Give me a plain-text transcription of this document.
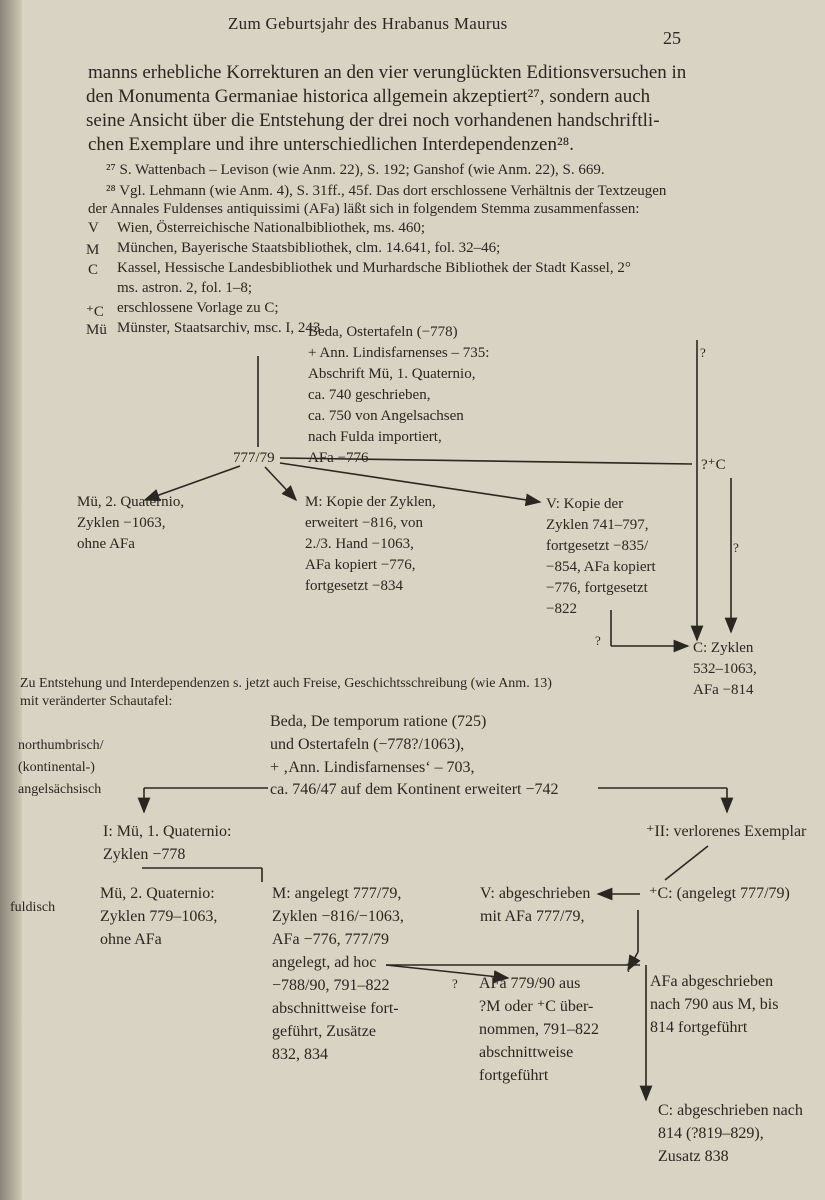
Zum Geburtsjahr des Hrabanus Maurus
25
manns erhebliche Korrekturen an den vier verunglückten Editionsversuchen in
den Monumenta Germaniae historica allgemein akzeptiert²⁷, sondern auch
seine Ansicht über die Entstehung der drei noch vorhandenen handschriftli-
chen Exemplare und ihre unterschiedlichen Interdependenzen²⁸.
²⁷ S. Wattenbach – Levison (wie Anm. 22), S. 192; Ganshof (wie Anm. 22), S. 669.
²⁸ Vgl. Lehmann (wie Anm. 4), S. 31ff., 45f. Das dort erschlossene Verhältnis der Textzeugen
der Annales Fuldenses antiquissimi (AFa) läßt sich in folgendem Stemma zusammenfassen:
V Wien, Österreichische Nationalbibliothek, ms. 460;
M München, Bayerische Staatsbibliothek, clm. 14.641, fol. 32–46;
C Kassel, Hessische Landesbibliothek und Murhardsche Bibliothek der Stadt Kassel, 2°
ms. astron. 2, fol. 1–8;
⁺C erschlossene Vorlage zu C;
Mü Münster, Staatsarchiv, msc. I, 243
Beda, Ostertafeln (−778)
+ Ann. Lindisfarnenses – 735:
Abschrift Mü, 1. Quaternio,
ca. 740 geschrieben,
ca. 750 von Angelsachsen
nach Fulda importiert,
AFa −776
777/79
Mü, 2. Quaternio,
Zyklen −1063,
ohne AFa
M: Kopie der Zyklen,
erweitert −816, von
2./3. Hand −1063,
AFa kopiert −776,
fortgesetzt −834
V: Kopie der
Zyklen 741–797,
fortgesetzt −835/
−854, AFa kopiert
−776, fortgesetzt
−822
?⁺C
C: Zyklen
532–1063,
AFa −814
?
?
?
Zu Entstehung und Interdependenzen s. jetzt auch Freise, Geschichtsschreibung (wie Anm. 13)
mit veränderter Schautafel:
northumbrisch/
(kontinental-)
angelsächsisch
fuldisch
Beda, De temporum ratione (725)
und Ostertafeln (−778?/1063),
+ ‚Ann. Lindisfarnenses‘ – 703,
ca. 746/47 auf dem Kontinent erweitert −742
I: Mü, 1. Quaternio:
Zyklen −778
⁺II: verlorenes Exemplar
Mü, 2. Quaternio:
Zyklen 779–1063,
ohne AFa
M: angelegt 777/79,
Zyklen −816/−1063,
AFa −776, 777/79
angelegt, ad hoc
−788/90, 791–822
abschnittweise fort-
geführt, Zusätze
832, 834
V: abgeschrieben
mit AFa 777/79,
⁺C: (angelegt 777/79)
AFa 779/90 aus
?M oder ⁺C über-
nommen, 791–822
abschnittweise
fortgeführt
AFa abgeschrieben
nach 790 aus M, bis
814 fortgeführt
C: abgeschrieben nach
814 (?819–829),
Zusatz 838
?
?
